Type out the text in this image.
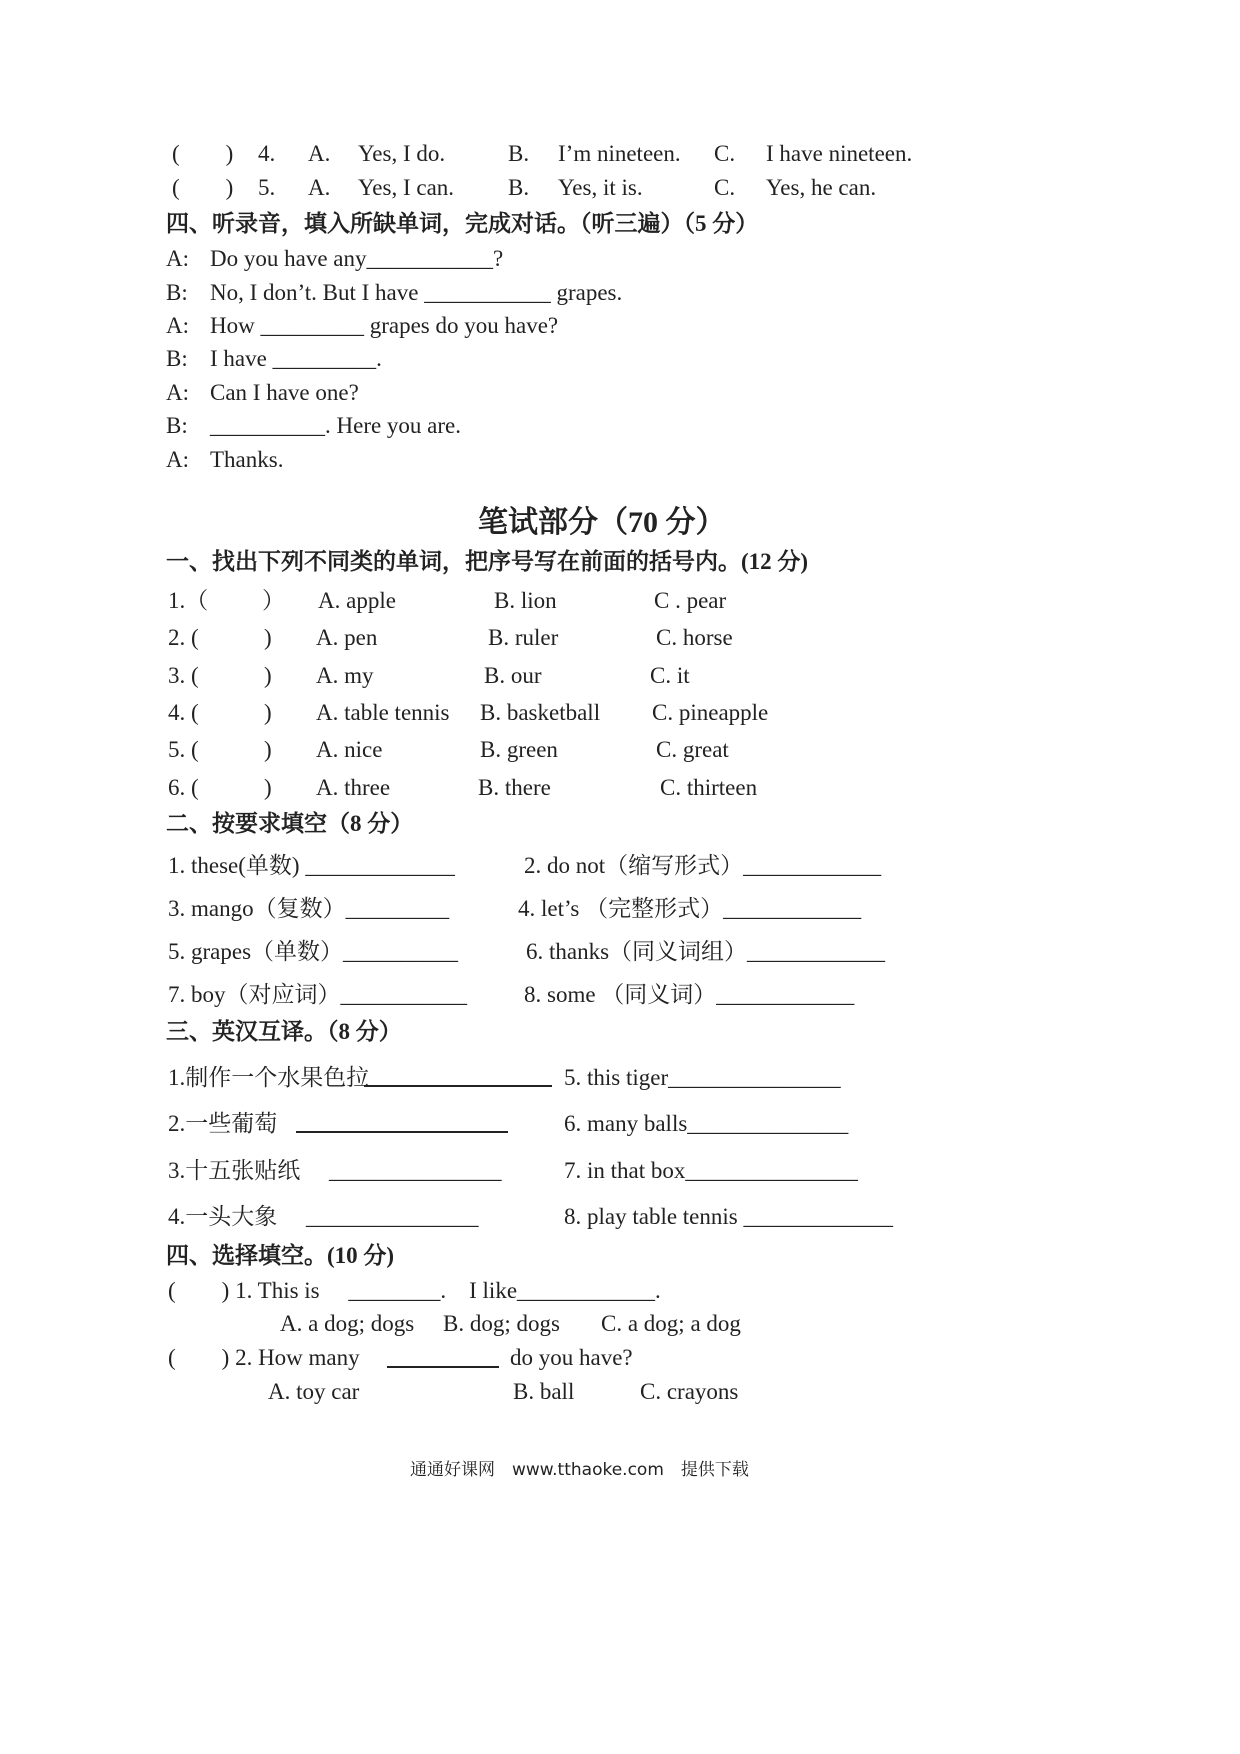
(　　) 4. A. Yes, I do.	B. I’m nineteen. C. I have nineteen.
(　　) 5. A. Yes, I can. B. Yes, it is.	C. Yes, he can.
四、听录音，填入所缺单词，完成对话。（听三遍）（5 分）
A: Do you have any___________?
B: No, I don’t. But I have ___________ grapes.
A: How _________ grapes do you have?
B: I have _________.
A: Can I have one?
B: __________. Here you are.
A: Thanks.
笔试部分（70 分）
一、找出下列不同类的单词，把序号写在前面的括号内。(12 分)
1.（ ） A. apple	B. lion	C . pear
2. (	) A. pen	B. ruler	C. horse
3. (	) A. my	B. our	C. it
4. (	) A. table tennis B. basketball C. pineapple
5. (	) A. nice	B. green	C. great
6. (	) A. three	B. there	C. thirteen
二、按要求填空（8 分）
1. these(单数) _____________	2. do not（缩写形式）____________
3. mango（复数）_________	4. let’s （完整形式）____________
5. grapes（单数）__________	6. thanks（同义词组）____________
7. boy（对应词）___________ 8. some （同义词）____________
三、英汉互译。（8 分）
1.制作一个水果色拉	5. this tiger_______________
2.一些葡萄	6. many balls______________
3.十五张贴纸　 _______________	7. in that box_______________
4.一头大象　 _______________	8. play table tennis _____________
四、选择填空。(10 分)
(　　) 1. This is　 ________.　I like____________.
A. a dog; dogs B. dog; dogs C. a dog; a dog
(　　) 2. How many	do you have?
A. toy car	B. ball	C. crayons
通通好课网　www.tthaoke.com　提供下载
